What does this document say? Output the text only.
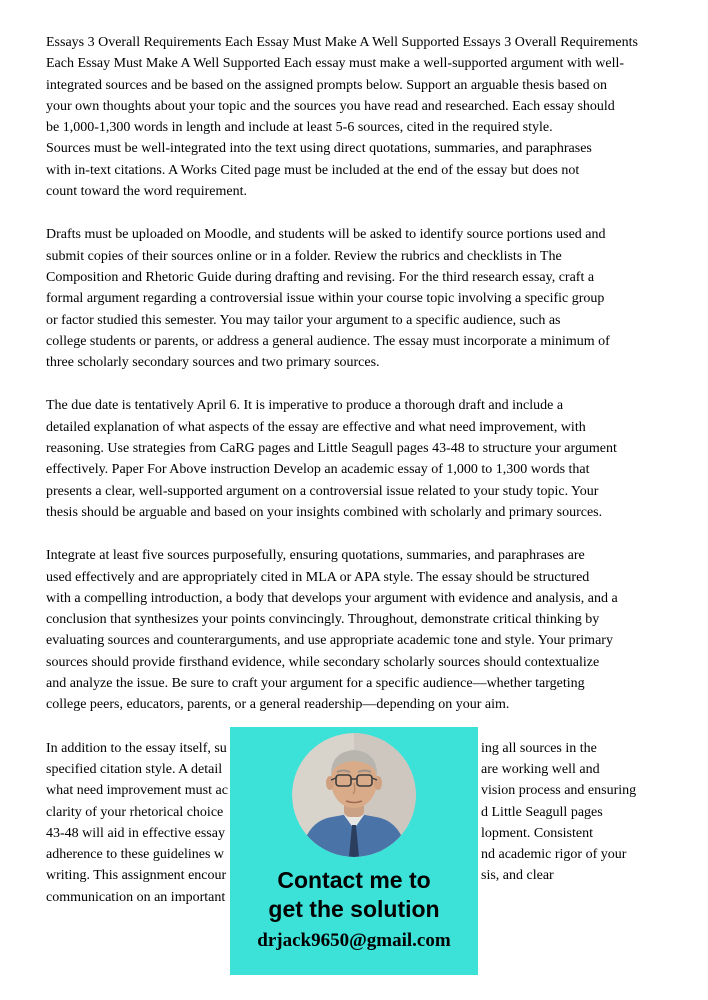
Essays 3 Overall Requirements Each Essay Must Make A Well Supported Essays 3 Overall Requirements
Each Essay Must Make A Well Supported Each essay must make a well-supported argument with well-
integrated sources and be based on the assigned prompts below. Support an arguable thesis based on
your own thoughts about your topic and the sources you have read and researched. Each essay should
be 1,000-1,300 words in length and include at least 5-6 sources, cited in the required style.
Sources must be well-integrated into the text using direct quotations, summaries, and paraphrases
with in-text citations. A Works Cited page must be included at the end of the essay but does not
count toward the word requirement.
Drafts must be uploaded on Moodle, and students will be asked to identify source portions used and
submit copies of their sources online or in a folder. Review the rubrics and checklists in The
Composition and Rhetoric Guide during drafting and revising. For the third research essay, craft a
formal argument regarding a controversial issue within your course topic involving a specific group
or factor studied this semester. You may tailor your argument to a specific audience, such as
college students or parents, or address a general audience. The essay must incorporate a minimum of
three scholarly secondary sources and two primary sources.
The due date is tentatively April 6. It is imperative to produce a thorough draft and include a
detailed explanation of what aspects of the essay are effective and what need improvement, with
reasoning. Use strategies from CaRG pages and Little Seagull pages 43-48 to structure your argument
effectively. Paper For Above instruction Develop an academic essay of 1,000 to 1,300 words that
presents a clear, well-supported argument on a controversial issue related to your study topic. Your
thesis should be arguable and based on your insights combined with scholarly and primary sources.
Integrate at least five sources purposefully, ensuring quotations, summaries, and paraphrases are
used effectively and are appropriately cited in MLA or APA style. The essay should be structured
with a compelling introduction, a body that develops your argument with evidence and analysis, and a
conclusion that synthesizes your points convincingly. Throughout, demonstrate critical thinking by
evaluating sources and counterarguments, and use appropriate academic tone and style. Your primary
sources should provide firsthand evidence, while secondary scholarly sources should contextualize
and analyze the issue. Be sure to craft your argument for a specific audience—whether targeting
college peers, educators, parents, or a general readership—depending on your aim.
In addition to the essay itself, su	ing all sources in the
specified citation style. A detail	are working well and
what need improvement must ac	vision process and ensuring
clarity of your rhetorical choice	d Little Seagull pages
43-48 will aid in effective essay	lopment. Consistent
adherence to these guidelines w	nd academic rigor of your
writing. This assignment encour	sis, and clear
communication on an important
Contact me to
get the solution
drjack9650@gmail.com
